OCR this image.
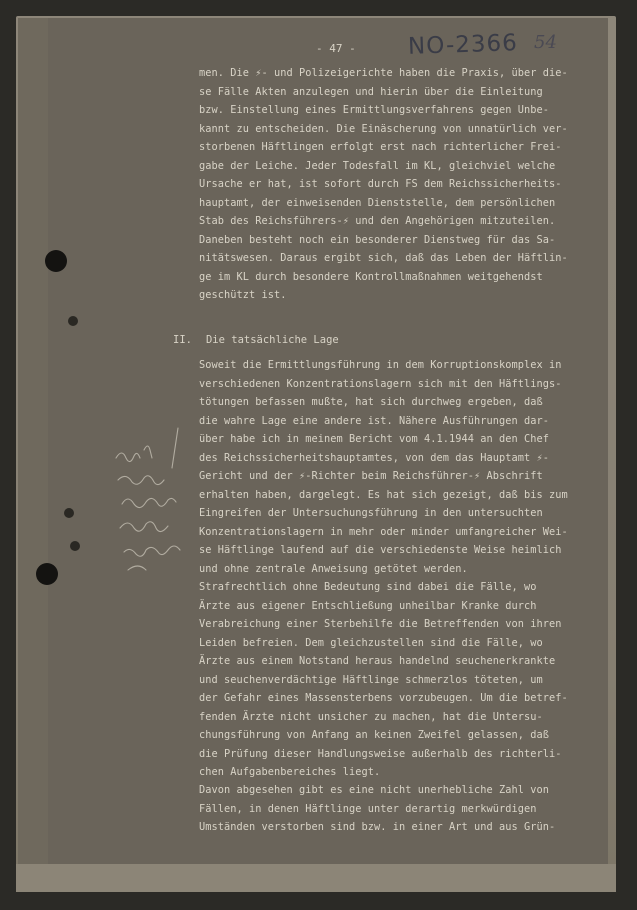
- 47 - NO-2366 54
men. Die ⚡- und Polizeigerichte haben die Praxis, über die-
se Fälle Akten anzulegen und hierin über die Einleitung
bzw. Einstellung eines Ermittlungsverfahrens gegen Unbe-
kannt zu entscheiden. Die Einäscherung von unnatürlich ver-
storbenen Häftlingen erfolgt erst nach richterlicher Frei-
gabe der Leiche. Jeder Todesfall im KL, gleichviel welche
Ursache er hat, ist sofort durch FS dem Reichssicherheits-
hauptamt, der einweisenden Dienststelle, dem persönlichen
Stab des Reichsführers-⚡ und den Angehörigen mitzuteilen.
Daneben besteht noch ein besonderer Dienstweg für das Sa-
nitätswesen. Daraus ergibt sich, daß das Leben der Häftlin-
ge im KL durch besondere Kontrollmaßnahmen weitgehendst
geschützt ist.
II. Die tatsächliche Lage
Soweit die Ermittlungsführung in dem Korruptionskomplex in
verschiedenen Konzentrationslagern sich mit den Häftlings-
tötungen befassen mußte, hat sich durchweg ergeben, daß
die wahre Lage eine andere ist. Nähere Ausführungen dar-
über habe ich in meinem Bericht vom 4.1.1944 an den Chef
des Reichssicherheitshauptamtes, von dem das Hauptamt ⚡-
Gericht und der ⚡-Richter beim Reichsführer-⚡ Abschrift
erhalten haben, dargelegt. Es hat sich gezeigt, daß bis zum
Eingreifen der Untersuchungsführung in den untersuchten
Konzentrationslagern in mehr oder minder umfangreicher Wei-
se Häftlinge laufend auf die verschiedenste Weise heimlich
und ohne zentrale Anweisung getötet werden.
Strafrechtlich ohne Bedeutung sind dabei die Fälle, wo
Ärzte aus eigener Entschließung unheilbar Kranke durch
Verabreichung einer Sterbehilfe die Betreffenden von ihren
Leiden befreien. Dem gleichzustellen sind die Fälle, wo
Ärzte aus einem Notstand heraus handelnd seuchenerkrankte
und seuchenverdächtige Häftlinge schmerzlos töteten, um
der Gefahr eines Massensterbens vorzubeugen. Um die betref-
fenden Ärzte nicht unsicher zu machen, hat die Untersu-
chungsführung von Anfang an keinen Zweifel gelassen, daß
die Prüfung dieser Handlungsweise außerhalb des richterli-
chen Aufgabenbereiches liegt.
Davon abgesehen gibt es eine nicht unerhebliche Zahl von
Fällen, in denen Häftlinge unter derartig merkwürdigen
Umständen verstorben sind bzw. in einer Art und aus Grün-
